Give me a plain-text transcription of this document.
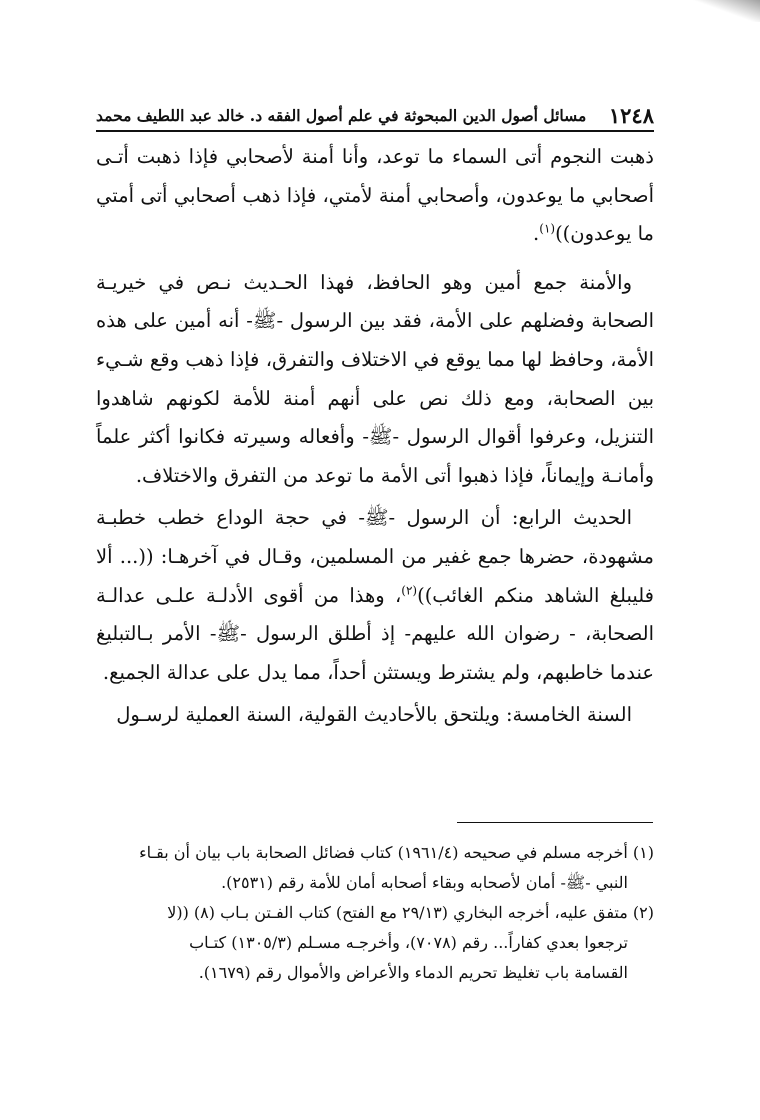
١٢٤٨
مسائل أصول الدين المبحوثة في علم أصول الفقه د. خالد عبد اللطيف محمد

ذهبت النجوم أتى السماء ما توعد، وأنا أمنة لأصحابي فإذا ذهبت أتـى أصحابي ما يوعدون، وأصحابي أمنة لأمتي، فإذا ذهب أصحابي أتى أمتي ما يوعدون))$^{(١)}$.

والأمنة جمع أمين وهو الحافظ، فهذا الحـديث نـص في خيريـة الصحابة وفضلهم على الأمة، فقد بين الرسول -ﷺ- أنه أمين على هذه الأمة، وحافظ لها مما يوقع في الاختلاف والتفرق، فإذا ذهب وقع شـيء بين الصحابة، ومع ذلك نص على أنهم أمنة للأمة لكونهم شاهدوا التنزيل، وعرفوا أقوال الرسول -ﷺ- وأفعاله وسيرته فكانوا أكثر علماً وأمانـة وإيماناً، فإذا ذهبوا أتى الأمة ما توعد من التفرق والاختلاف.

الحديث الرابع: أن الرسول -ﷺ- في حجة الوداع خطب خطبـة مشهودة، حضرها جمع غفير من المسلمين، وقـال في آخرهـا: ((... ألا فليبلغ الشاهد منكم الغائب))$^{(٢)}$، وهذا من أقوى الأدلـة علـى عدالـة الصحابة، - رضوان الله عليهم- إذ أطلق الرسول -ﷺ- الأمر بـالتبليغ عندما خاطبهم، ولم يشترط ويستثن أحداً، مما يدل على عدالة الجميع.

السنة الخامسة: ويلتحق بالأحاديث القولية، السنة العملية لرسـول

(١) أخرجه مسلم في صحيحه (١٩٦١/٤) كتاب فضائل الصحابة باب بيان أن بقـاء

النبي -ﷺ- أمان لأصحابه وبقاء أصحابه أمان للأمة رقم (٢٥٣١).

(٢) متفق عليه، أخرجه البخاري (٢٩/١٣ مع الفتح) كتاب الفـتن بـاب (٨) ((لا

ترجعوا بعدي كفاراً... رقم (٧٠٧٨)، وأخرجـه مسـلم (١٣٠٥/٣) كتـاب

القسامة باب تغليظ تحريم الدماء والأعراض والأموال رقم (١٦٧٩).
